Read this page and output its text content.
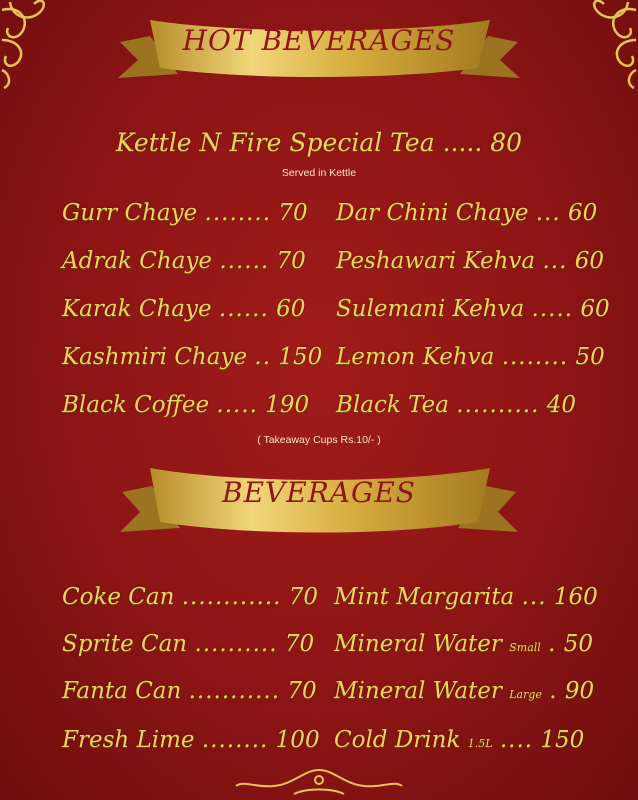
HOT BEVERAGES
Kettle N Fire Special Tea ..... 80
Served in Kettle
Gurr Chaye ........ 70
Adrak Chaye ...... 70
Karak Chaye ...... 60
Kashmiri Chaye .. 150
Black Coffee ..... 190
Dar Chini Chaye ... 60
Peshawari Kehva ... 60
Sulemani Kehva ..... 60
Lemon Kehva ........ 50
Black Tea .......... 40
( Takeaway Cups Rs.10/- )
BEVERAGES
Coke Can ............ 70
Sprite Can .......... 70
Fanta Can ........... 70
Fresh Lime ........ 100
Mint Margarita ... 160
Mineral Water Small . 50
Mineral Water Large . 90
Cold Drink 1.5L .... 150
